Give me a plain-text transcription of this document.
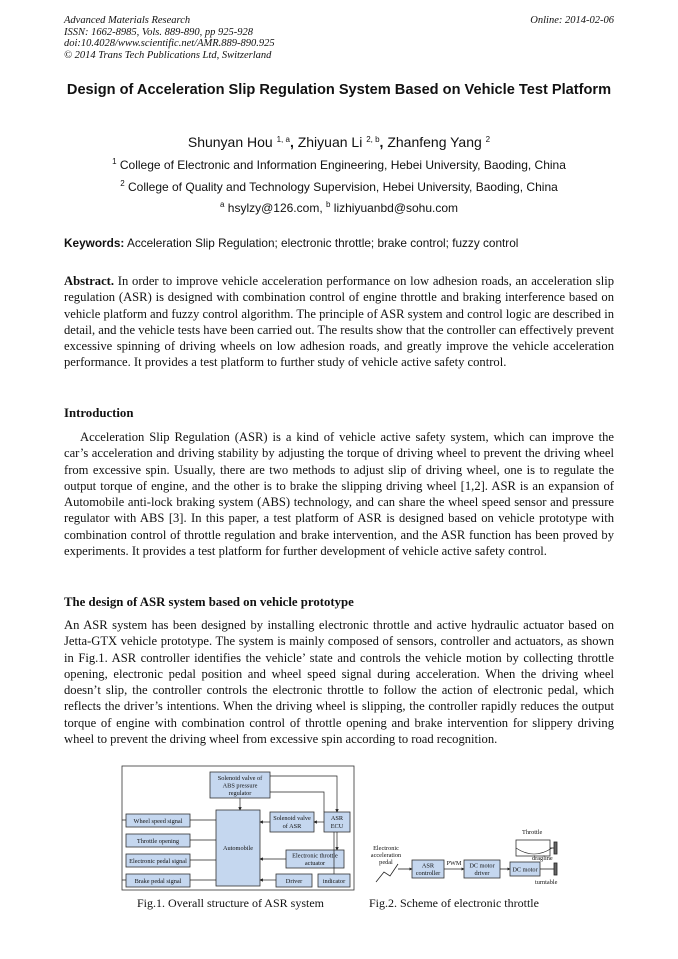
Advanced Materials Research
ISSN: 1662-8985, Vols. 889-890, pp 925-928
doi:10.4028/www.scientific.net/AMR.889-890.925
© 2014 Trans Tech Publications Ltd, Switzerland
Online: 2014-02-06
Design of Acceleration Slip Regulation System Based on Vehicle Test Platform
Shunyan Hou $^{1, a}$, Zhiyuan Li $^{2, b}$, Zhanfeng Yang $^2$
$^1$ College of Electronic and Information Engineering, Hebei University, Baoding, China
$^2$ College of Quality and Technology Supervision, Hebei University, Baoding, China
$^a$ hsylzy@126.com, $^b$ lizhiyuanbd@sohu.com
Keywords: Acceleration Slip Regulation; electronic throttle; brake control; fuzzy control
Abstract. In order to improve vehicle acceleration performance on low adhesion roads, an acceleration slip regulation (ASR) is designed with combination control of engine throttle and braking interference based on vehicle platform and fuzzy control algorithm. The principle of ASR system and control logic are described in detail, and the vehicle tests have been carried out. The results show that the controller can effectively prevent excessive spinning of driving wheels on low adhesion roads, and greatly improve the vehicle acceleration performance. It provides a test platform to further study of vehicle active safety control.
Introduction
Acceleration Slip Regulation (ASR) is a kind of vehicle active safety system, which can improve the car’s acceleration and driving stability by adjusting the torque of driving wheel to prevent the driving wheel from excessive spin. Usually, there are two methods to adjust slip of driving wheel, one is to regulate the output torque of engine, and the other is to brake the slipping driving wheel [1,2]. ASR is an expansion of Automobile anti-lock braking system (ABS) technology, and can share the wheel speed sensor and pressure regulator with ABS [3]. In this paper, a test platform of ASR is designed based on vehicle prototype with combination control of throttle regulation and brake intervention, and the ASR function has been proved by experiments. It provides a test platform for further development of vehicle active safety control.
The design of ASR system based on vehicle prototype
An ASR system has been designed by installing electronic throttle and active hydraulic actuator based on Jetta-GTX vehicle prototype. The system is mainly composed of sensors, controller and actuators, as shown in Fig.1. ASR controller identifies the vehicle’ state and controls the vehicle motion by collecting throttle opening, electronic pedal position and wheel speed signal during acceleration. When the driving wheel doesn’t slip, the controller controls the electronic throttle to follow the action of electronic pedal, which reflects the driver’s intentions. When the driving wheel is slipping, the controller rapidly reduces the output torque of engine with combination control of throttle opening and brake intervention for slippery driving wheel to prevent the driving wheel from excessive spin according to road recognition.
Solenoid valve of
ABS pressure
regulator
Wheel speed signal
Throttle opening
Electronic pedal signal
Brake pedal signal
Automobile
Solenoid valve
of ASR
ASR
ECU
Electronic throttle
actuator
Driver	indicator
Fig.1. Overall structure of ASR system
Electronic
acceleration
pedal	ASR
controller
PWM DC motor
driver	DC motor
Throttle
dragline
turntable
Fig.2. Scheme of electronic throttle
